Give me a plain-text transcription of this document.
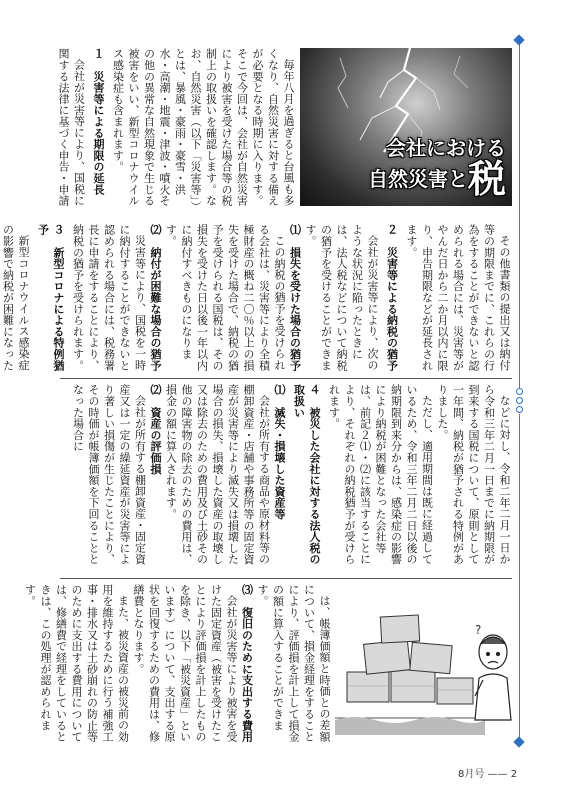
会社における
自然災害と税

毎年八月を過ぎると台風も多くなり、自然災害に対する備えが必要となる時期に入ります。そこで今回は、会社が自然災害により被害を受けた場合等の税制上の取扱いを確認します。なお、自然災害（以下「災害等」）とは、暴風・豪雨・豪雪・洪水・高潮・地震・津波・噴火その他の異常な自然現象で生じる被害をいい、新型コロナウイルス感染症も含まれます。

１　災害等による期限の延長

会社が災害等により、国税に関する法律に基づく申告・申請

その他書類の提出又は納付等の期限までに、これらの行為をすることができないと認められる場合には、災害等がやんだ日から二か月以内に限り、申告期限などが延長されます。

２　災害等による納税の猶予

会社が災害等により、次のような状況に陥ったときには、法人税などについて納税の猶予を受けることができます。

⑴　損失を受けた場合の猶予

この納税の猶予を受けられる会社は、災害等により全積極財産の概ね二〇％以上の損失を受けた場合で、納税の猶予を受けられる国税は、その損失を受けた日以後一年以内に納付すべきものになります。

⑵　納付が困難な場合の猶予

災害等により、国税を一時に納付することができないと認められる場合には、税務署長に申請をすることにより、納税の猶予を受けられます。

３　新型コロナによる特例猶予

新型コロナウイルス感染症の影響で納税が困難になった

などに対し、令和二年二月一日から令和三年二月一日までに納期限が到来する国税について、原則として一年間、納税が猶予される特例がありました。

ただし、適用期間は既に経過しているため、令和三年二月二日以後の納期限到来分からは、感染症の影響により納税が困難となった会社等は、前記２⑴・⑵に該当することにより、それぞれの納税猶予が受けられます。

４　被災した会社に対する法人税の取扱い
⑴　滅失・損壊した資産等

会社が所有する商品や原材料等の棚卸資産・店舗や事務所等の固定資産が災害等により滅失又は損壊した場合の損失、損壊した資産の取壊し又は除去のための費用及び土砂その他の障害物の除去のための費用は、損金の額に算入されます。

⑵　資産の評価損

会社が所有する棚卸資産・固定資産又は一定の繰延資産が災害等により著しい損傷が生じたことにより、その時価が帳簿価額を下回ることとなった場合に

は、帳簿価額と時価との差額について、損金経理をすることにより、評価損を計上して損金の額に算入することができます。

⑶　復旧のために支出する費用

会社が災害等により被害を受けた固定資産（被害を受けたことにより評価損を計上したものを除き、以下「被災資産」といいます）について、支出する原状を回復するための費用は、修繕費となります。

また、被災資産の被災前の効用を維持するために行う補強工事・排水又は土砂崩れの防止等のために支出する費用については、修繕費で経理をしているときは、この処理が認められます。

?
8月号 —— 2
